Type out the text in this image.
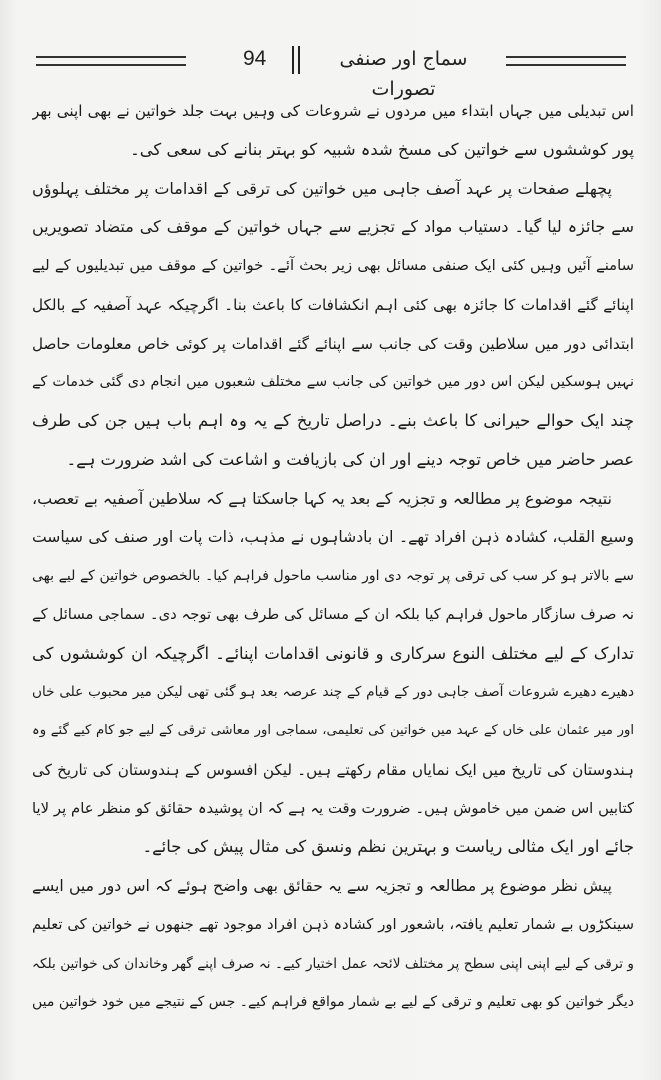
94	سماج اور صنفی تصورات
اس تبدیلی میں جہاں ابتداء میں مردوں نے شروعات کی وہیں بہت جلد خواتین نے بھی اپنی بھر
پور کوششوں سے خواتین کی مسخ شدہ شبیہ کو بہتر بنانے کی سعی کی۔
پچھلے صفحات پر عہد آصف جاہی میں خواتین کی ترقی کے اقدامات پر مختلف پہلوؤں
سے جائزہ لیا گیا۔ دستیاب مواد کے تجزیے سے جہاں خواتین کے موقف کی متضاد تصویریں
سامنے آئیں وہیں کئی ایک صنفی مسائل بھی زیر بحث آئے۔ خواتین کے موقف میں تبدیلیوں کے لیے
اپنائے گئے اقدامات کا جائزہ بھی کئی اہم انکشافات کا باعث بنا۔ اگرچیکہ عہد آصفیہ کے بالکل
ابتدائی دور میں سلاطین وقت کی جانب سے اپنائے گئے اقدامات پر کوئی خاص معلومات حاصل
نہیں ہوسکیں لیکن اس دور میں خواتین کی جانب سے مختلف شعبوں میں انجام دی گئی خدمات کے
چند ایک حوالے حیرانی کا باعث بنے۔ دراصل تاریخ کے یہ وہ اہم باب ہیں جن کی طرف
عصر حاضر میں خاص توجہ دینے اور ان کی بازیافت و اشاعت کی اشد ضرورت ہے۔
نتیجہ موضوع پر مطالعہ و تجزیہ کے بعد یہ کہا جاسکتا ہے کہ سلاطین آصفیہ بے تعصب،
وسیع القلب، کشادہ ذہن افراد تھے۔ ان بادشاہوں نے مذہب، ذات پات اور صنف کی سیاست
سے بالاتر ہو کر سب کی ترقی پر توجہ دی اور مناسب ماحول فراہم کیا۔ بالخصوص خواتین کے لیے بھی
نہ صرف سازگار ماحول فراہم کیا بلکہ ان کے مسائل کی طرف بھی توجہ دی۔ سماجی مسائل کے
تدارک کے لیے مختلف النوع سرکاری و قانونی اقدامات اپنائے۔ اگرچیکہ ان کوششوں کی
دھیرے دھیرے شروعات آصف جاہی دور کے قیام کے چند عرصہ بعد ہو گئی تھی لیکن میر محبوب علی خاں
اور میر عثمان علی خاں کے عہد میں خواتین کی تعلیمی، سماجی اور معاشی ترقی کے لیے جو کام کیے گئے وہ
ہندوستان کی تاریخ میں ایک نمایاں مقام رکھتے ہیں۔ لیکن افسوس کے ہندوستان کی تاریخ کی
کتابیں اس ضمن میں خاموش ہیں۔ ضرورت وقت یہ ہے کہ ان پوشیدہ حقائق کو منظر عام پر لایا
جائے اور ایک مثالی ریاست و بہترین نظم ونسق کی مثال پیش کی جائے۔
پیش نظر موضوع پر مطالعہ و تجزیہ سے یہ حقائق بھی واضح ہوئے کہ اس دور میں ایسے
سینکڑوں بے شمار تعلیم یافتہ، باشعور اور کشادہ ذہن افراد موجود تھے جنھوں نے خواتین کی تعلیم
و ترقی کے لیے اپنی اپنی سطح پر مختلف لائحہ عمل اختیار کیے۔ نہ صرف اپنے گھر وخاندان کی خواتین بلکہ
دیگر خواتین کو بھی تعلیم و ترقی کے لیے بے شمار مواقع فراہم کیے۔ جس کے نتیجے میں خود خواتین میں
